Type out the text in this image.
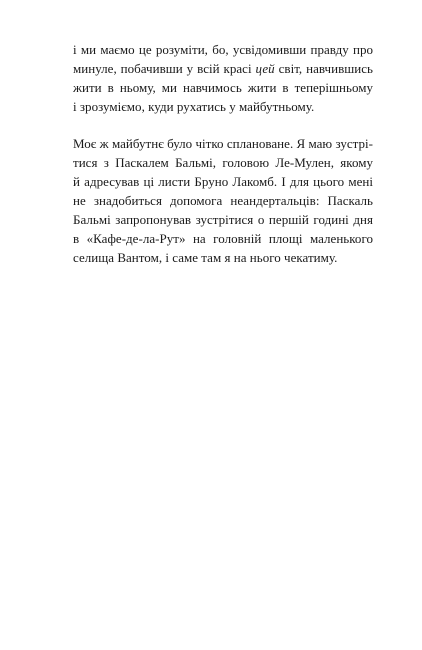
і ми маємо це розуміти, бо, усвідомивши правду про
минуле, побачивши у всій красі цей світ, навчившись
жити в ньому, ми навчимось жити в теперішньому
і зрозуміємо, куди рухатись у майбутньому.

Моє ж майбутнє було чітко сплановане. Я маю зустрі-
тися з Паскалем Бальмі, головою Ле-Мулен, якому
й адресував ці листи Бруно Лакомб. І для цього мені
не знадобиться допомога неандертальців: Паскаль
Бальмі запропонував зустрітися о першій годині дня
в «Кафе-де-ла-Рут» на головній площі маленького
селища Вантом, і саме там я на нього чекатиму.
